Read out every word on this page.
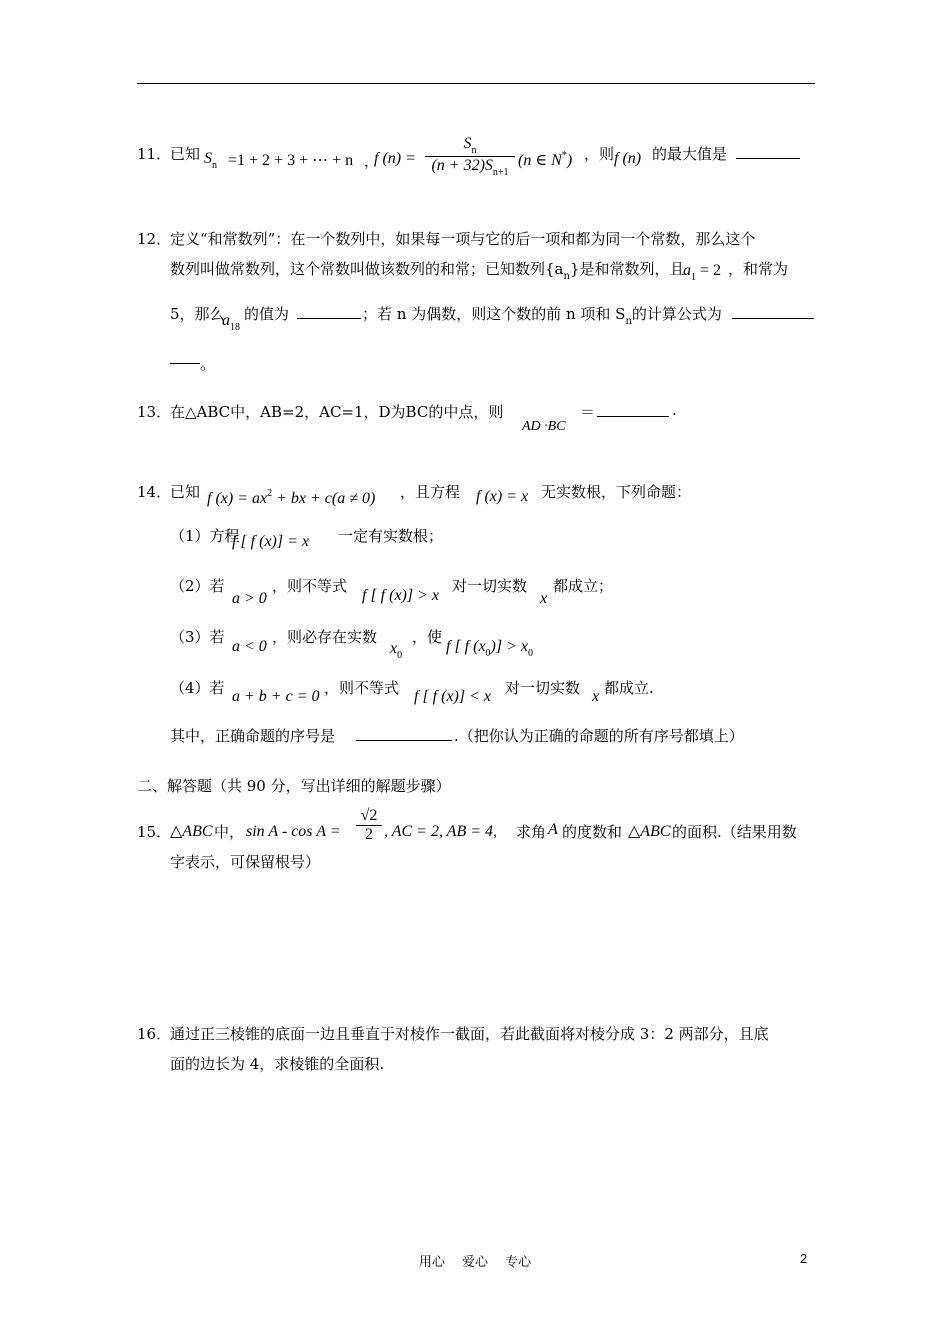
11．
已知 $S_n =1 + 2 + 3$ + ⋯ + n ，
f (n) =
$S_n$
$(n + 32)S_{n+1}$
(n ∈ N*) ，则 f (n) 的最大值是
12．
定义“和常数列”：在一个数列中，如果每一项与它的后一项和都为同一个常数，那么这个
数列叫做常数列，这个常数叫做该数列的和常；已知数列$\{a_n\}$是和常数列，且
$a_1 = 2$ ，和常为
5，那么
$a_{18}$
的值为	；若 n 为偶数，则这个数的前 n 项和 $S_n$的计算公式为
。
13．
在△ABC中，AB=2，AC=1，D为BC的中点，则
AD ·BC
＝	.
14．
已知 f $(x) = ax^2$ + bx + c(a ≠ 0) ，且方程 f (x) = x 无实数根，下列命题：
（1）方程
f [ f (x)] = x 一定有实数根；
（2）若
a > 0
，则不等式
f [ f (x)] > x
对一切实数
x
都成立；
（3）若
a < 0
，则必存在实数
$x_0$
，使
f [ f $(x_0)] > x_0$
（4）若 a + b + c = 0 ，则不等式 f [ f (x)] < x 对一切实数 x 都成立.
其中，正确命题的序号是	.（把你认为正确的命题的所有序号都填上）
二、解答题（共 90 分，写出详细的解题步骤）
15．
△ABC 中， sin A - cos A =
√2
2 , AC = 2, AB = 4, 求角 A 的度数和 △ABC 的面积.（结果用数
字表示，可保留根号）
16．
通过正三棱锥的底面一边且垂直于对棱作一截面，若此截面将对棱分成 3：2 两部分，且底
面的边长为 4，求棱锥的全面积.
用心　 爱心　 专心	2
